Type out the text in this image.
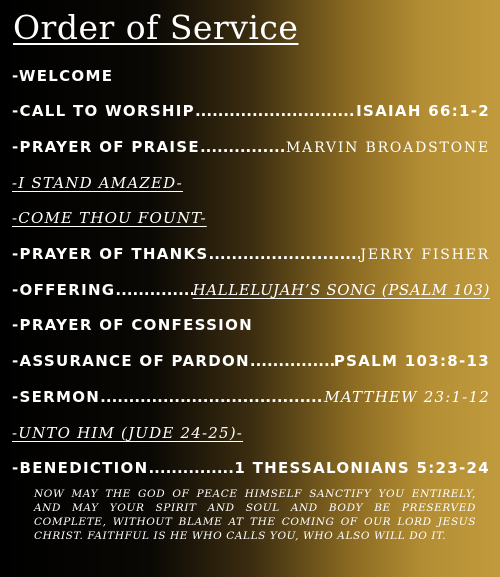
Order of Service
-WELCOME
-CALL TO WORSHIP .....	ISAIAH 66:1-2
-PRAYER OF PRAISE .....	MARVIN BROADSTONE
-I STAND AMAZED-
-COME THOU FOUNT-
-PRAYER OF THANKS .....	JERRY FISHER
-OFFERING .....	HALLELUJAH’S SONG (PSALM 103)
-PRAYER OF CONFESSION
-ASSURANCE OF PARDON .....	PSALM 103:8-13
-SERMON .....	MATTHEW 23:1-12
-UNTO HIM (JUDE 24-25)-
-BENEDICTION .....	1 THESSALONIANS 5:23-24
NOW MAY THE GOD OF PEACE HIMSELF SANCTIFY YOU ENTIRELY, AND MAY YOUR SPIRIT AND SOUL AND BODY BE PRESERVED COMPLETE, WITHOUT BLAME AT THE COMING OF OUR LORD JESUS CHRIST. FAITHFUL IS HE WHO CALLS YOU, WHO ALSO WILL DO IT.
